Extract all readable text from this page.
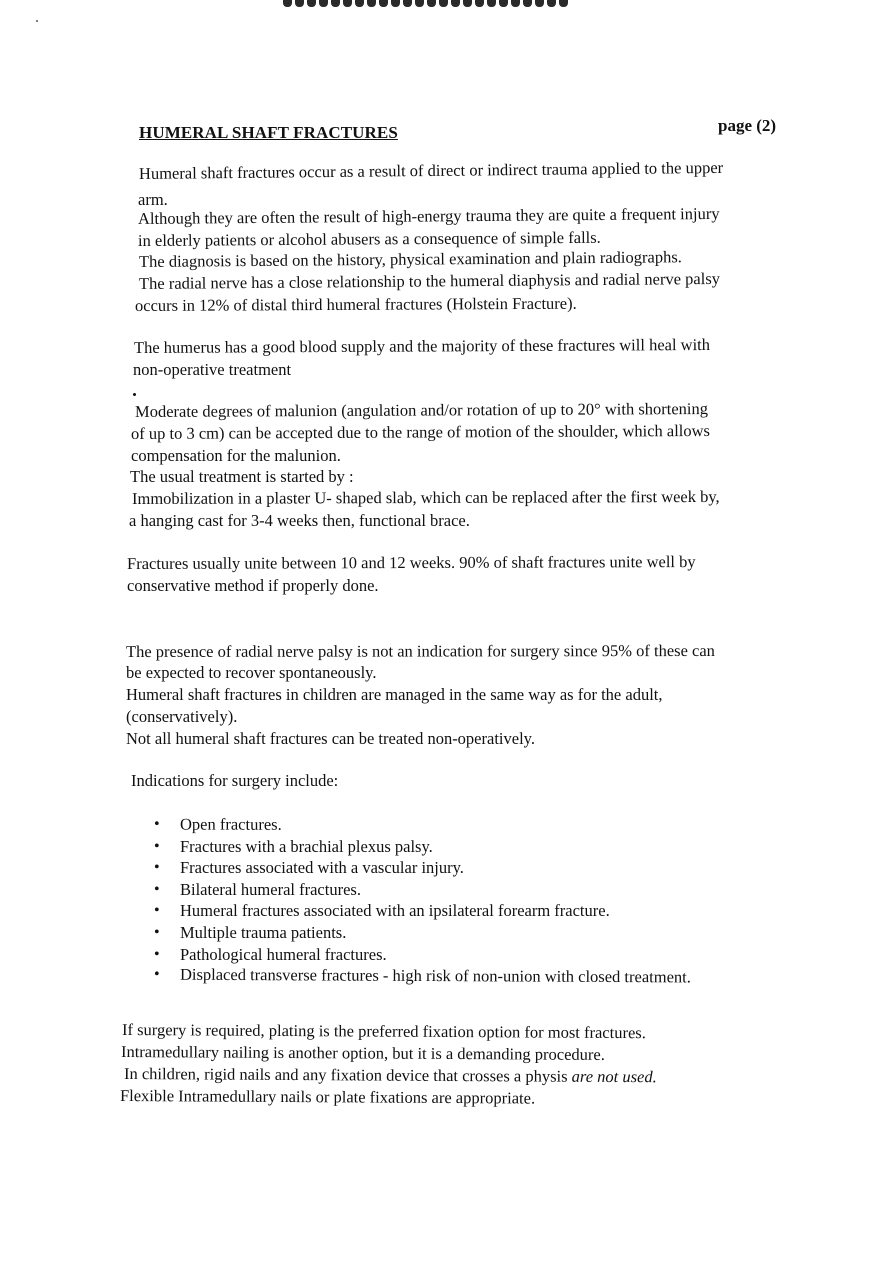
HUMERAL SHAFT FRACTURES	page (2)

Humeral shaft fractures occur as a result of direct or indirect trauma applied to the upper

arm.

Although they are often the result of high-energy trauma they are quite a frequent injury

in elderly patients or alcohol abusers as a consequence of simple falls.

The diagnosis is based on the history, physical examination and plain radiographs.

The radial nerve has a close relationship to the humeral diaphysis and radial nerve palsy

occurs in 12% of distal third humeral fractures (Holstein Fracture).

The humerus has a good blood supply and the majority of these fractures will heal with

non-operative treatment

Moderate degrees of malunion (angulation and/or rotation of up to 20° with shortening

of up to 3 cm) can be accepted due to the range of motion of the shoulder, which allows

compensation for the malunion.

The usual treatment is started by :

Immobilization in a plaster U- shaped slab, which can be replaced after the first week by,

a hanging cast for 3-4 weeks then, functional brace.

Fractures usually unite between 10 and 12 weeks. 90% of shaft fractures unite well by

conservative method if properly done.

The presence of radial nerve palsy is not an indication for surgery since 95% of these can

be expected to recover spontaneously.

Humeral shaft fractures in children are managed in the same way as for the adult,

(conservatively).

Not all humeral shaft fractures can be treated non-operatively.

Indications for surgery include:

• Open fractures.
• Fractures with a brachial plexus palsy.
• Fractures associated with a vascular injury.
• Bilateral humeral fractures.
• Humeral fractures associated with an ipsilateral forearm fracture.
• Multiple trauma patients.
• Pathological humeral fractures.
• Displaced transverse fractures - high risk of non-union with closed treatment.

If surgery is required, plating is the preferred fixation option for most fractures.

Intramedullary nailing is another option, but it is a demanding procedure.

In children, rigid nails and any fixation device that crosses a physis are not used.

Flexible Intramedullary nails or plate fixations are appropriate.
